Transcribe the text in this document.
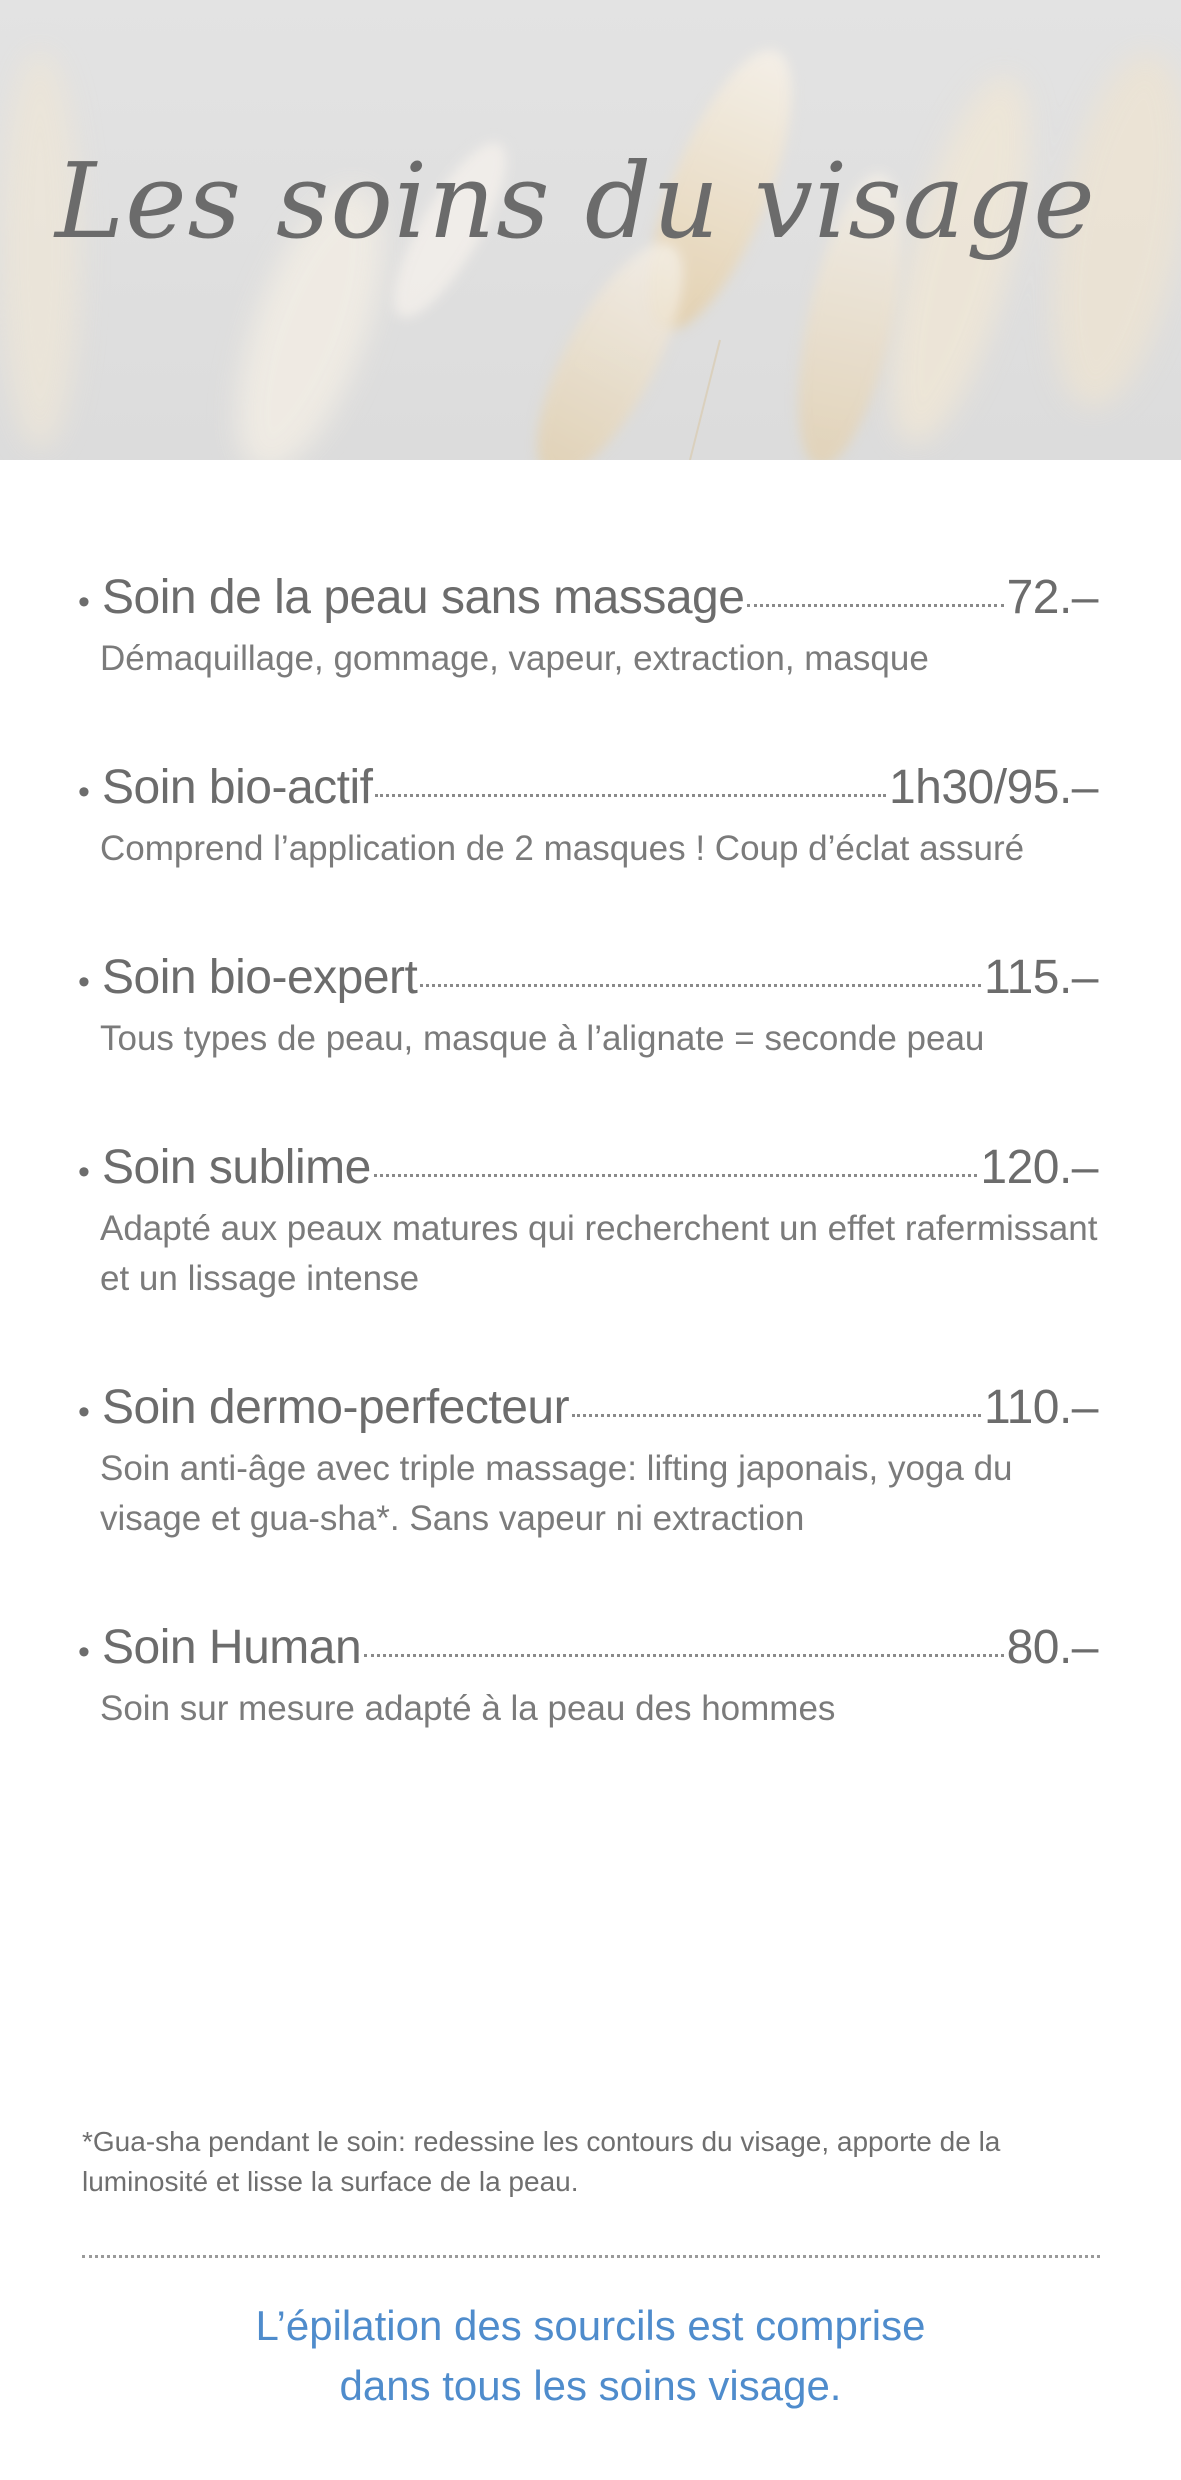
Les soins du visage
• Soin de la peau sans massage	72.–
Démaquillage, gommage, vapeur, extraction, masque
• Soin bio-actif	1h30/95.–
Comprend l’application de 2 masques ! Coup d’éclat assuré
• Soin bio-expert	115.–
Tous types de peau, masque à l’alignate = seconde peau
• Soin sublime	120.–
Adapté aux peaux matures qui recherchent un effet rafermissant et un lissage intense
• Soin dermo-perfecteur	110.–
Soin anti-âge avec triple massage: lifting japonais, yoga du visage et gua-sha*. Sans vapeur ni extraction
• Soin Human	80.–
Soin sur mesure adapté à la peau des hommes

*Gua-sha pendant le soin: redessine les contours du visage, apporte de la luminosité et lisse la surface de la peau.

L’épilation des sourcils est comprise
dans tous les soins visage.
